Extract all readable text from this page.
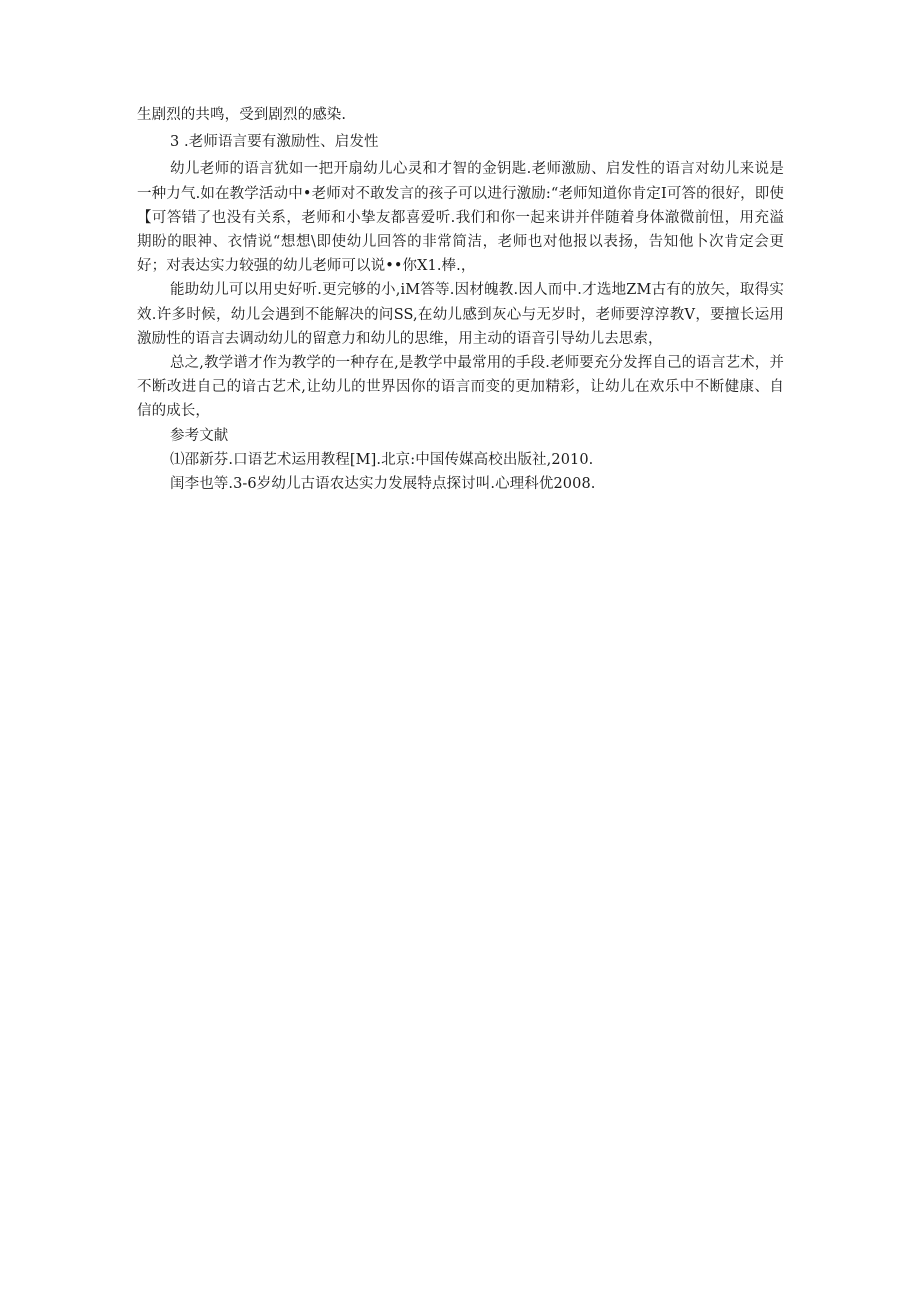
生剧烈的共鸣，受到剧烈的感染.

3 .老师语言要有激励性、启发性

幼儿老师的语言犹如一把开扇幼儿心灵和才智的金钥匙.老师激励、启发性的语言对幼儿来说是一种力气.如在教学活动中•老师对不敢发言的孩子可以进行激励:“老师知道你肯定I可答的很好，即使【可答错了也没有关系，老师和小挚友都喜爱听.我们和你一起来讲并伴随着身体澈微前忸，用充溢期盼的眼神、衣情说“想想\即使幼儿回答的非常简洁，老师也对他报以表扬，告知他卜次肯定会更好；对表达实力较强的幼儿老师可以说••你X1.棒.，

能助幼儿可以用史好听.更完够的小,iM答等.因材魄教.因人而中.才选地ZM古有的放矢，取得实效.许多时候，幼儿会遇到不能解决的问SS,在幼儿感到灰心与无岁时，老师要淳淳教V，要擅长运用激励性的语言去调动幼儿的留意力和幼儿的思维，用主动的语音引导幼儿去思索，

总之,教学谱才作为教学的一种存在,是教学中最常用的手段.老师要充分发挥自己的语言艺术，并不断改进自己的谙古艺术,让幼儿的世界因你的语言而变的更加精彩，让幼儿在欢乐中不断健康、自信的成长，

参考文献

⑴邵新芬.口语艺术运用教程[M].北京:中国传媒高校出版社,2010.

闺李也等.3-6岁幼儿古语农达实力发展特点探讨叫.心理科优2008.
